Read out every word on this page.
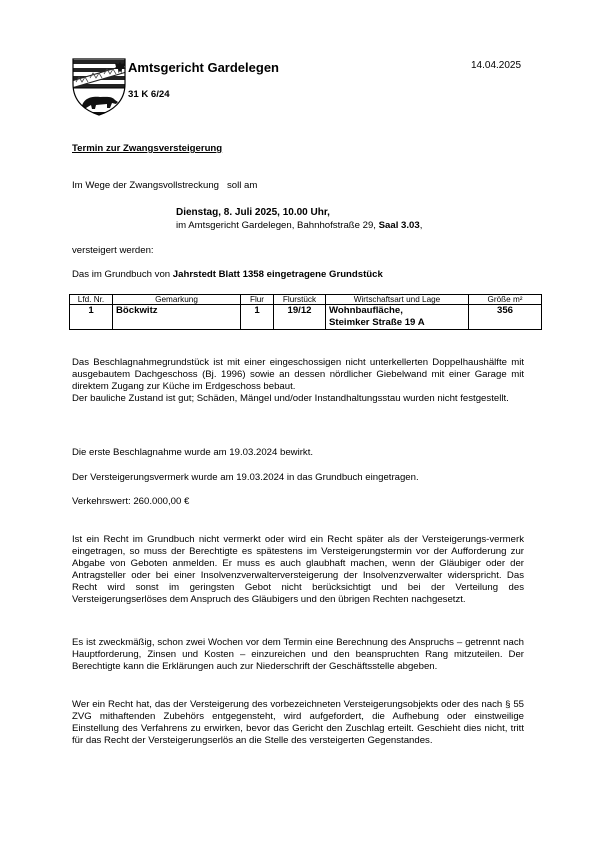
Amtsgericht Gardelegen
31 K 6/24
14.04.2025
Termin zur Zwangsversteigerung
Im Wege der Zwangsvollstreckung   soll am
Dienstag, 8. Juli 2025, 10.00 Uhr,
im Amtsgericht Gardelegen, Bahnhofstraße 29, Saal 3.03,
versteigert werden:
Das im Grundbuch von Jahrstedt Blatt 1358 eingetragene Grundstück
Lfd. Nr.	Gemarkung	Flur	Flurstück	Wirtschaftsart und Lage	Größe m²
1	Böckwitz	1	19/12	Wohnbaufläche,
Steimker Straße 19 A	356

Das Beschlagnahmegrundstück ist mit einer eingeschossigen nicht unterkellerten Doppelhaushälfte mit ausgebautem Dachgeschoss (Bj. 1996) sowie an dessen nördlicher Giebelwand mit einer Garage mit direktem Zugang zur Küche im Erdgeschoss bebaut.

Der bauliche Zustand ist gut; Schäden, Mängel und/oder Instandhaltungsstau wurden nicht festgestellt.

Die erste Beschlagnahme wurde am 19.03.2024 bewirkt.
Der Versteigerungsvermerk wurde am 19.03.2024 in das Grundbuch eingetragen.
Verkehrswert: 260.000,00 €
Ist ein Recht im Grundbuch nicht vermerkt oder wird ein Recht später als der Versteigerungs-vermerk eingetragen, so muss der Berechtigte es spätestens im Versteigerungstermin vor der Aufforderung zur Abgabe von Geboten anmelden. Er muss es auch glaubhaft machen, wenn der Gläubiger oder der Antragsteller oder bei einer Insolvenzverwalterversteigerung der Insolvenzverwalter widerspricht. Das Recht wird sonst im geringsten Gebot nicht berücksichtigt und bei der Verteilung des Versteigerungserlöses dem Anspruch des Gläubigers und den übrigen Rechten nachgesetzt.
Es ist zweckmäßig, schon zwei Wochen vor dem Termin eine Berechnung des Anspruchs – getrennt nach Hauptforderung, Zinsen und Kosten – einzureichen und den beanspruchten Rang mitzuteilen. Der Berechtigte kann die Erklärungen auch zur Niederschrift der Geschäftsstelle abgeben.
Wer ein Recht hat, das der Versteigerung des vorbezeichneten Versteigerungsobjekts oder des nach § 55 ZVG mithaftenden Zubehörs entgegensteht, wird aufgefordert, die Aufhebung oder einstweilige Einstellung des Verfahrens zu erwirken, bevor das Gericht den Zuschlag erteilt. Geschieht dies nicht, tritt für das Recht der Versteigerungserlös an die Stelle des versteigerten Gegenstandes.
